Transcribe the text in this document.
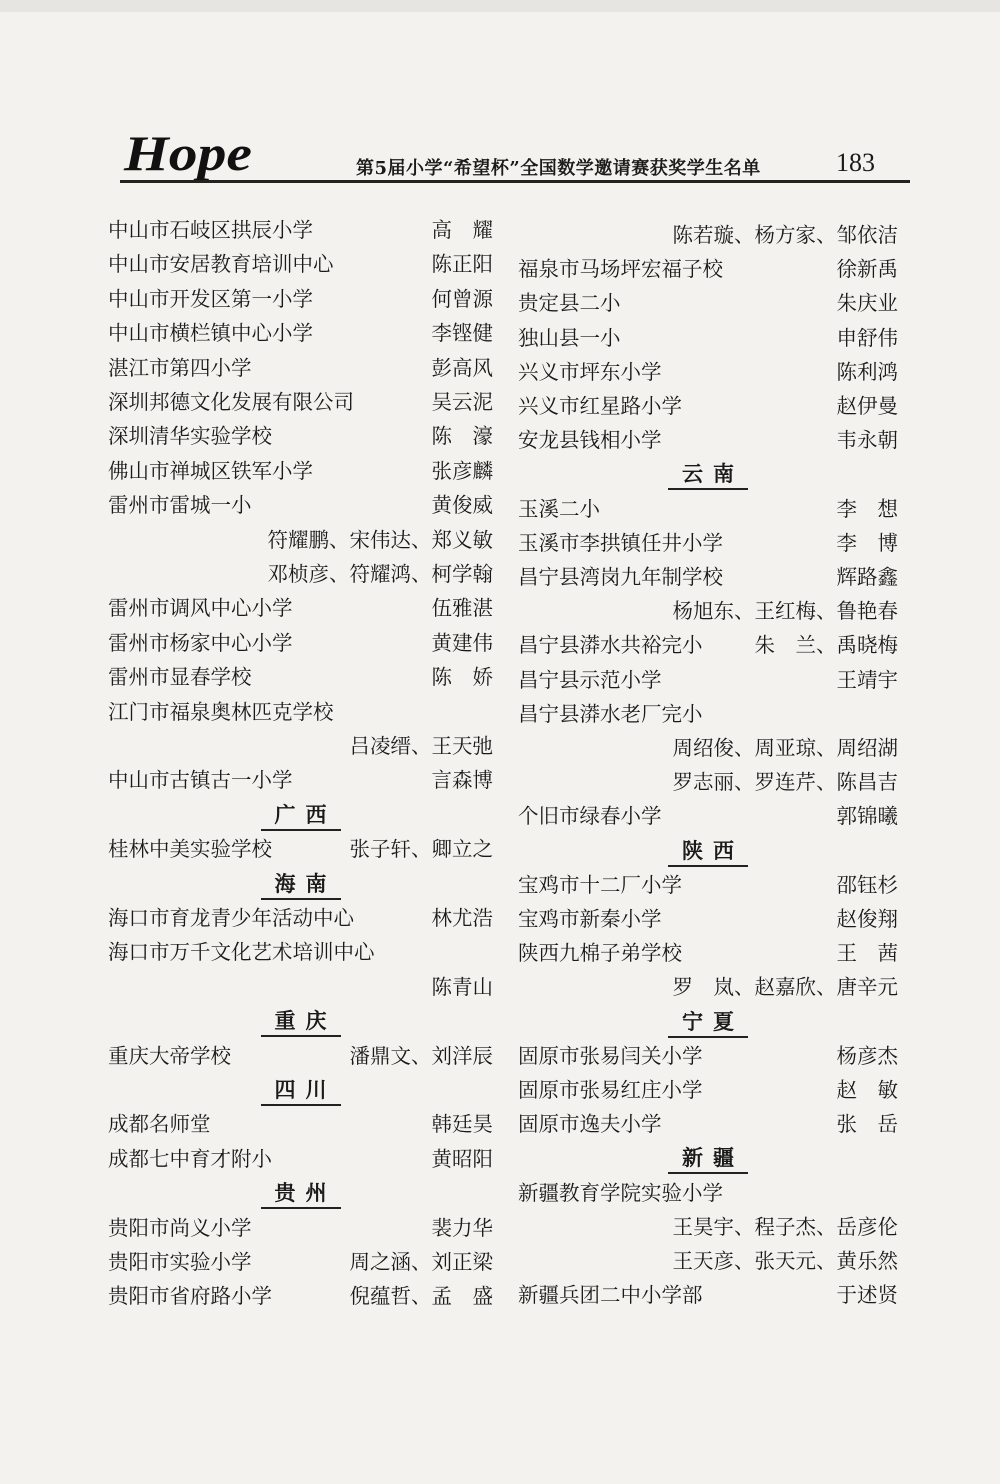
Hope	第5届小学“希望杯”全国数学邀请赛获奖学生名单	183
中山市石岐区拱辰小学	高　耀
中山市安居教育培训中心	陈正阳
中山市开发区第一小学	何曾源
中山市横栏镇中心小学	李铿健
湛江市第四小学	彭高风
深圳邦德文化发展有限公司	吴云泥
深圳清华实验学校	陈　濠
佛山市禅城区铁军小学	张彦麟
雷州市雷城一小	黄俊威
符耀鹏、宋伟达、郑义敏
邓桢彦、符耀鸿、柯学翰
雷州市调风中心小学	伍雅湛
雷州市杨家中心小学	黄建伟
雷州市显春学校	陈　娇
江门市福泉奥林匹克学校
吕凌缙、王天弛
中山市古镇古一小学	言森博
广西
桂林中美实验学校	张子轩、卿立之
海南
海口市育龙青少年活动中心	林尤浩
海口市万千文化艺术培训中心
陈青山
重庆
重庆大帝学校	潘鼎文、刘洋辰
四川
成都名师堂	韩廷昊
成都七中育才附小	黄昭阳
贵州
贵阳市尚义小学	裴力华
贵阳市实验小学	周之涵、刘正梁
贵阳市省府路小学	倪蕴哲、孟　盛
陈若璇、杨方家、邹依洁
福泉市马场坪宏福子校	徐新禹
贵定县二小	朱庆业
独山县一小	申舒伟
兴义市坪东小学	陈利鸿
兴义市红星路小学	赵伊曼
安龙县钱相小学	韦永朝
云南
玉溪二小	李　想
玉溪市李拱镇任井小学	李　博
昌宁县湾岗九年制学校	辉路鑫
杨旭东、王红梅、鲁艳春
昌宁县漭水共裕完小	朱　兰、禹晓梅
昌宁县示范小学	王靖宇
昌宁县漭水老厂完小
周绍俊、周亚琼、周绍湖
罗志丽、罗连芹、陈昌吉
个旧市绿春小学	郭锦曦
陕西
宝鸡市十二厂小学	邵钰杉
宝鸡市新秦小学	赵俊翔
陕西九棉子弟学校	王　茜
罗　岚、赵嘉欣、唐辛元
宁夏
固原市张易闫关小学	杨彦杰
固原市张易红庄小学	赵　敏
固原市逸夫小学	张　岳
新疆
新疆教育学院实验小学
王昊宇、程子杰、岳彦伦
王天彦、张天元、黄乐然
新疆兵团二中小学部	于述贤
